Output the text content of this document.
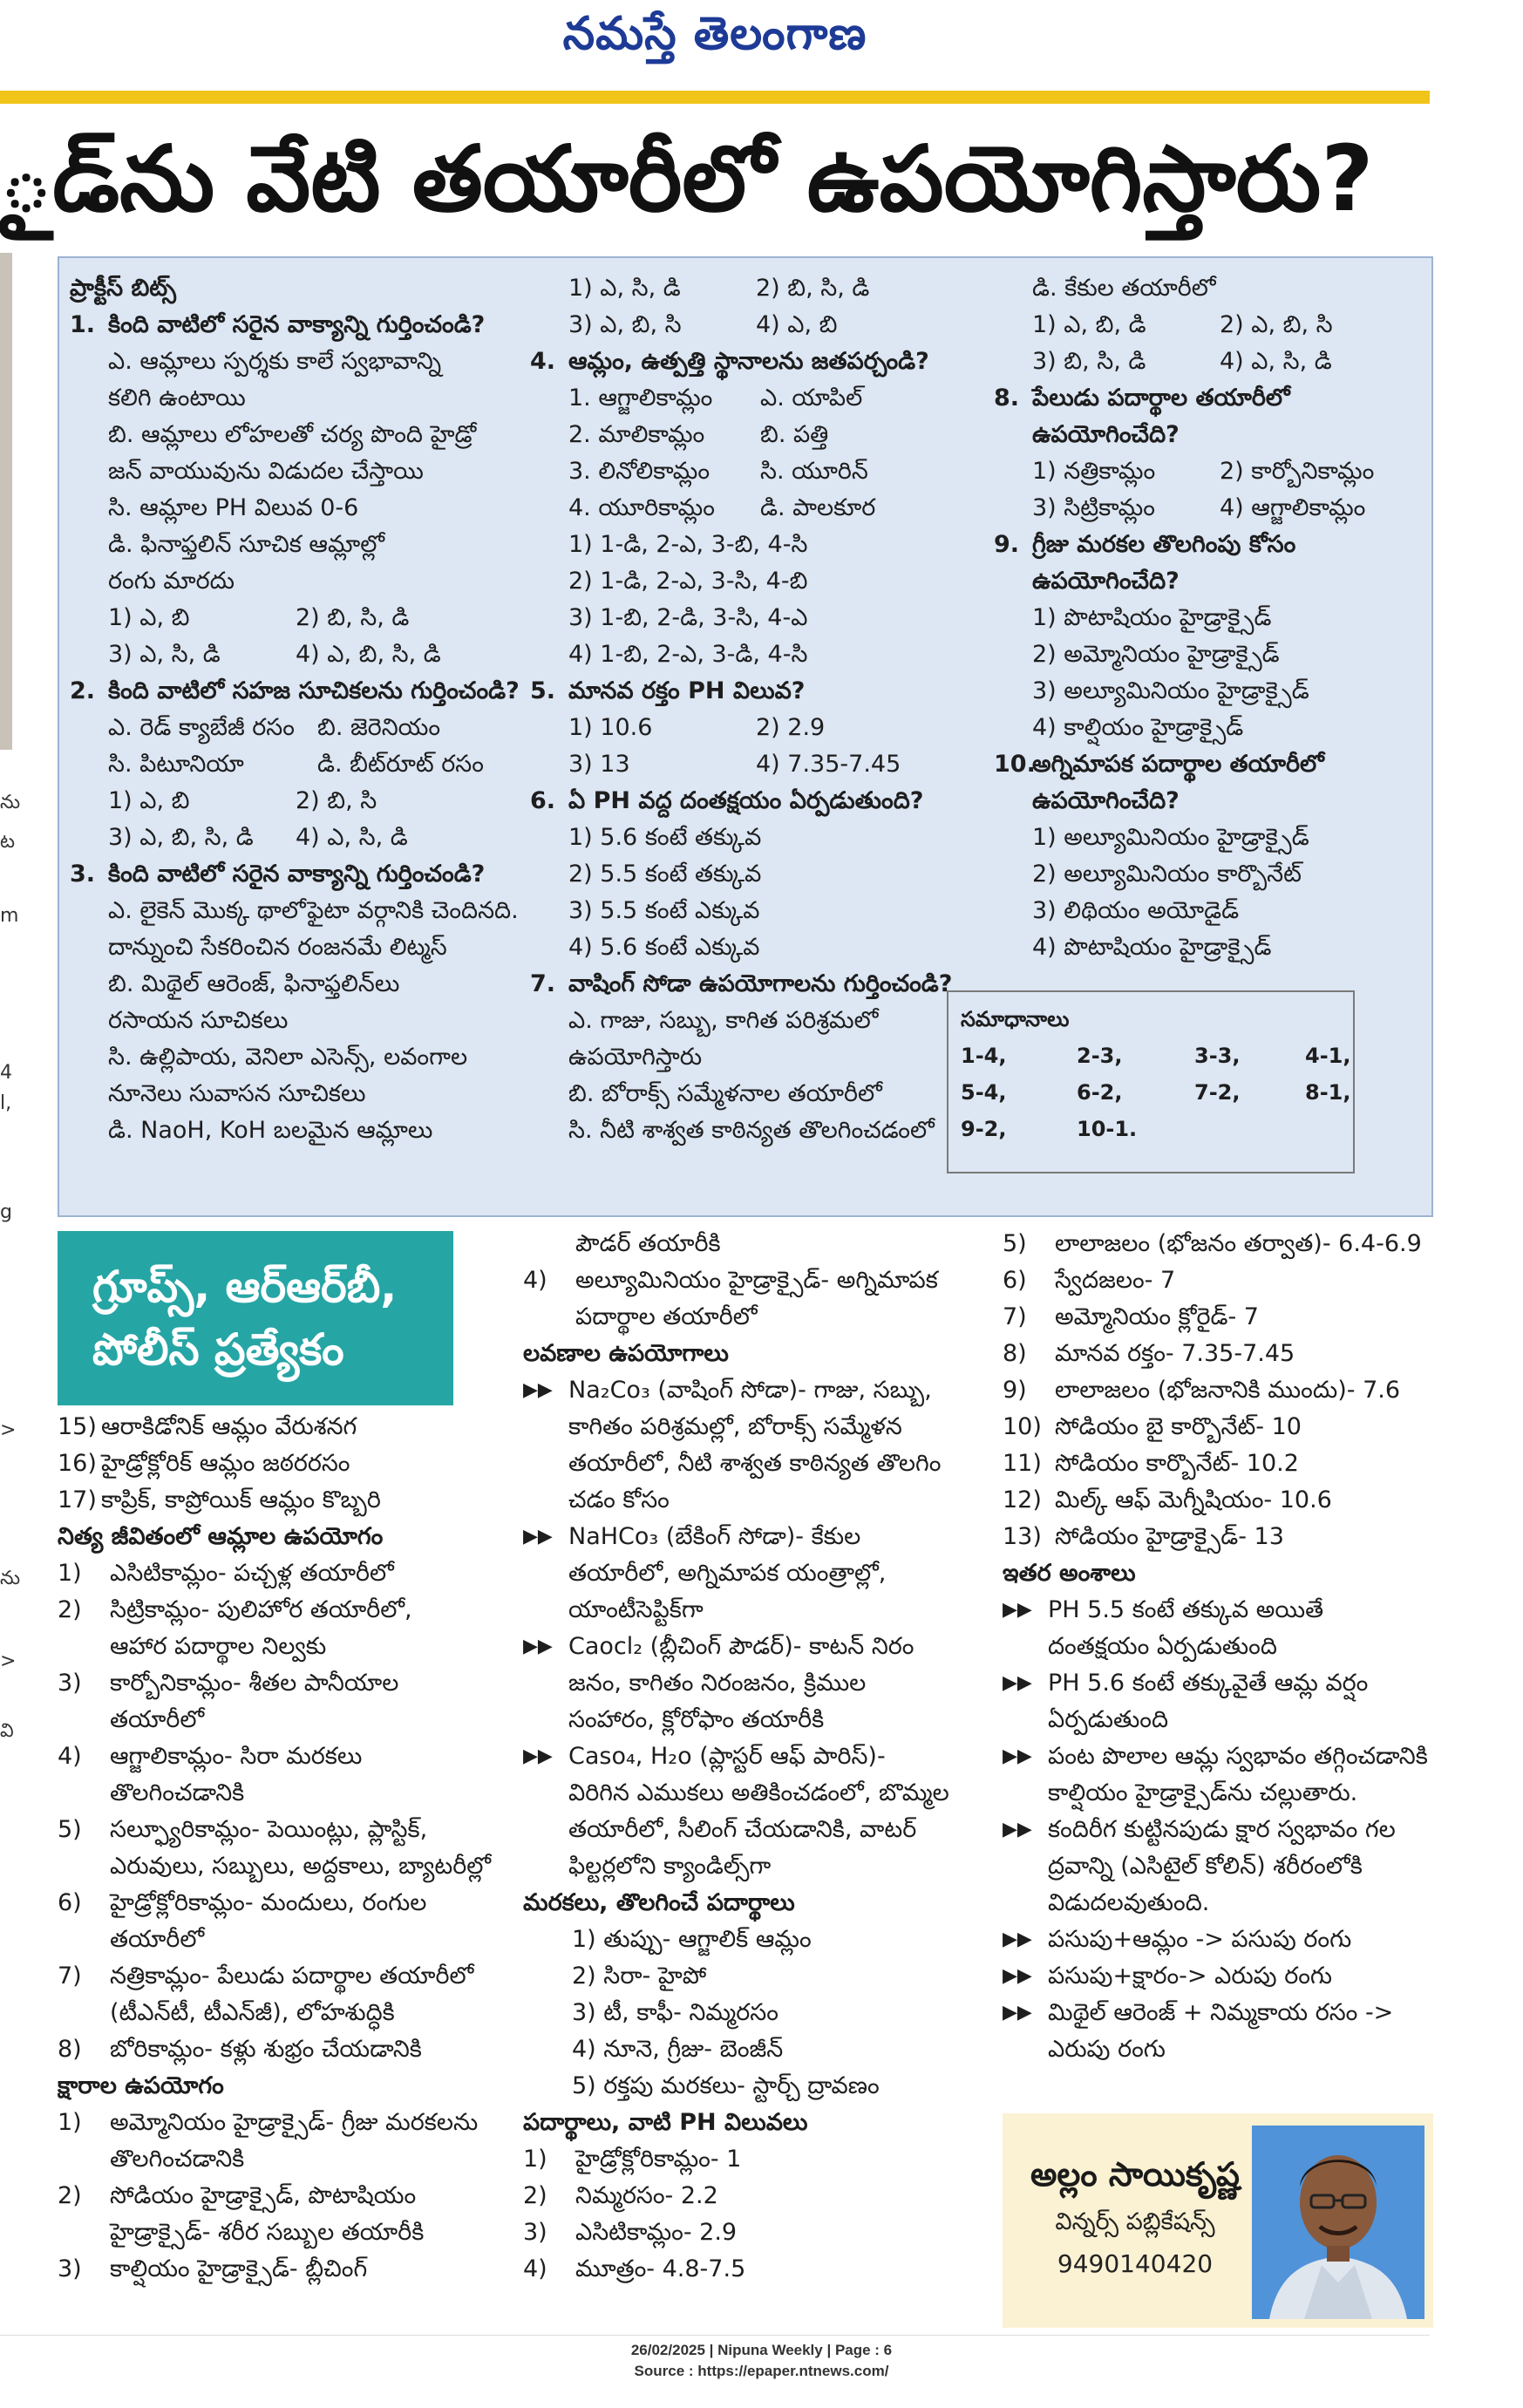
నమస్తే తెలంగాణ
ౖడ్‌ను వేటి తయారీలో ఉపయోగిస్తారు?
ను
ట
m
4
l,
g
>
ను
>
వి
ప్రాక్టీస్ బిట్స్
1. కింది వాటిలో సరైన వాక్యాన్ని గుర్తించండి?
ఎ. ఆమ్లాలు స్పర్శకు కాలే స్వభావాన్ని
కలిగి ఉంటాయి
బి. ఆమ్లాలు లోహలతో చర్య పొంది హైడ్రో
జన్ వాయువును విడుదల చేస్తాయి
సి. ఆమ్లాల PH విలువ 0-6
డి. ఫినాఫ్తలిన్ సూచిక ఆమ్లాల్లో
రంగు మారదు
1) ఎ, బి	2) బి, సి, డి
3) ఎ, సి, డి	4) ఎ, బి, సి, డి
2. కింది వాటిలో సహజ సూచికలను గుర్తించండి?
ఎ. రెడ్ క్యాబేజీ రసం బి. జెరెనియం
సి. పిటూనియా	డి. బీట్‌రూట్ రసం
1) ఎ, బి	2) బి, సి
3) ఎ, బి, సి, డి	4) ఎ, సి, డి
3. కింది వాటిలో సరైన వాక్యాన్ని గుర్తించండి?
ఎ. లైకెన్ మొక్క థాలోఫైటా వర్గానికి చెందినది.
దాన్నుంచి సేకరించిన రంజనమే లిట్మస్
బి. మిథైల్ ఆరెంజ్, ఫినాఫ్తలిన్‌లు
రసాయన సూచికలు
సి. ఉల్లిపాయ, వెనిలా ఎసెన్స్, లవంగాల
నూనెలు సువాసన సూచికలు
డి. NaoH, KoH బలమైన ఆమ్లాలు
1) ఎ, సి, డి	2) బి, సి, డి
3) ఎ, బి, సి	4) ఎ, బి
4. ఆమ్లం, ఉత్పత్తి స్థానాలను జతపర్చండి?
1. ఆగ్జాలికామ్లం	ఎ. యాపిల్
2. మాలికామ్లం	బి. పత్తి
3. లినోలికామ్లం	సి. యూరిన్
4. యూరికామ్లం	డి. పాలకూర
1) 1-డి, 2-ఎ, 3-బి, 4-సి
2) 1-డి, 2-ఎ, 3-సి, 4-బి
3) 1-బి, 2-డి, 3-సి, 4-ఎ
4) 1-బి, 2-ఎ, 3-డి, 4-సి
5. మానవ రక్తం PH విలువ?
1) 10.6	2) 2.9
3) 13	4) 7.35-7.45
6. ఏ PH వద్ద దంతక్షయం ఏర్పడుతుంది?
1) 5.6 కంటే తక్కువ
2) 5.5 కంటే తక్కువ
3) 5.5 కంటే ఎక్కువ
4) 5.6 కంటే ఎక్కువ
7. వాషింగ్ సోడా ఉపయోగాలను గుర్తించండి?
ఎ. గాజు, సబ్బు, కాగిత పరిశ్రమలో
ఉపయోగిస్తారు
బి. బోరాక్స్ సమ్మేళనాల తయారీలో
సి. నీటి శాశ్వత కాఠిన్యత తొలగించడంలో
డి. కేకుల తయారీలో
1) ఎ, బి, డి	2) ఎ, బి, సి
3) బి, సి, డి	4) ఎ, సి, డి
8. పేలుడు పదార్థాల తయారీలో ఉపయోగించేది?
1) నత్రికామ్లం	2) కార్బోనికామ్లం
3) సిట్రికామ్లం	4) ఆగ్జాలికామ్లం
9. గ్రీజు మరకల తొలగింపు కోసం ఉపయోగించేది?
1) పొటాషియం హైడ్రాక్సైడ్
2) అమ్మోనియం హైడ్రాక్సైడ్
3) అల్యూమినియం హైడ్రాక్సైడ్
4) కాల్షియం హైడ్రాక్సైడ్
10.
అగ్నిమాపక పదార్థాల తయారీలో ఉపయోగించేది?
1) అల్యూమినియం హైడ్రాక్సైడ్
2) అల్యూమినియం కార్బొనేట్
3) లిథియం అయోడైడ్
4) పొటాషియం హైడ్రాక్సైడ్
సమాధానాలు
1-4,	2-3,	3-3,	4-1,
5-4,	6-2,	7-2,	8-1,
9-2,	10-1.
గ్రూప్స్, ఆర్ఆర్‌బీ,
పోలీస్ ప్రత్యేకం
15) ఆరాకిడోనిక్ ఆమ్లం వేరుశనగ
16) హైడ్రోక్లోరిక్ ఆమ్లం జఠరరసం
17) కాప్రిక్, కాప్రోయిక్ ఆమ్లం కొబ్బరి
నిత్య జీవితంలో ఆమ్లాల ఉపయోగం
1)	ఎసిటికామ్లం- పచ్చళ్ల తయారీలో
2)	సిట్రికామ్లం- పులిహోర తయారీలో,
ఆహార పదార్థాల నిల్వకు
3)	కార్బోనికామ్లం- శీతల పానీయాల
తయారీలో
4)	ఆగ్జాలికామ్లం- సిరా మరకలు
తొలగించడానికి
5)	సల్ఫ్యూరికామ్లం- పెయింట్లు, ప్లాస్టిక్,
ఎరువులు, సబ్బులు, అద్దకాలు, బ్యాటరీల్లో
6)	హైడ్రోక్లోరికామ్లం- మందులు, రంగుల
తయారీలో
7)	నత్రికామ్లం- పేలుడు పదార్థాల తయారీలో
(టీఎన్‌టీ, టీఎన్‌జీ), లోహశుద్ధికి
8)	బోరికామ్లం- కళ్లు శుభ్రం చేయడానికి
క్షారాల ఉపయోగం
1)	అమ్మోనియం హైడ్రాక్సైడ్- గ్రీజు మరకలను
తొలగించడానికి
2)	సోడియం హైడ్రాక్సైడ్, పొటాషియం
హైడ్రాక్సైడ్- శరీర సబ్బుల తయారీకి
3)	కాల్షియం హైడ్రాక్సైడ్- బ్లీచింగ్
పౌడర్ తయారీకి
4)	అల్యూమినియం హైడ్రాక్సైడ్- అగ్నిమాపక
పదార్థాల తయారీలో
లవణాల ఉపయోగాలు
▶▶ Na₂Co₃ (వాషింగ్ సోడా)- గాజు, సబ్బు,
కాగితం పరిశ్రమల్లో, బోరాక్స్ సమ్మేళన
తయారీలో, నీటి శాశ్వత కాఠిన్యత తొలగిం
చడం కోసం
▶▶ NaHCo₃ (బేకింగ్ సోడా)- కేకుల
తయారీలో, అగ్నిమాపక యంత్రాల్లో,
యాంటీసెప్టిక్‌గా
▶▶ Caocl₂ (బ్లీచింగ్ పౌడర్)- కాటన్ నిరం
జనం, కాగితం నిరంజనం, క్రిముల
సంహారం, క్లోరోఫాం తయారీకి
▶▶ Caso₄, H₂o (ప్లాస్టర్ ఆఫ్ పారిస్)-
విరిగిన ఎముకలు అతికించడంలో, బొమ్మల
తయారీలో, సీలింగ్ చేయడానికి, వాటర్
ఫిల్టర్లలోని క్యాండిల్స్‌గా
మరకలు, తొలగించే పదార్థాలు
1) తుప్పు- ఆగ్జాలిక్ ఆమ్లం
2) సిరా- హైపో
3) టీ, కాఫీ- నిమ్మరసం
4) నూనె, గ్రీజు- బెంజీన్
5) రక్తపు మరకలు- స్టార్చ్ ద్రావణం
పదార్థాలు, వాటి PH విలువలు
1)	హైడ్రోక్లోరికామ్లం- 1
2)	నిమ్మరసం- 2.2
3)	ఎసిటికామ్లం- 2.9
4)	మూత్రం- 4.8-7.5
5)	లాలాజలం (భోజనం తర్వాత)- 6.4-6.9
6)	స్వేదజలం- 7
7)	అమ్మోనియం క్లోరైడ్- 7
8)	మానవ రక్తం- 7.35-7.45
9)	లాలాజలం (భోజనానికి ముందు)- 7.6
10) సోడియం బై కార్బొనేట్- 10
11) సోడియం కార్బొనేట్- 10.2
12) మిల్క్ ఆఫ్ మెగ్నీషియం- 10.6
13) సోడియం హైడ్రాక్సైడ్- 13
ఇతర అంశాలు
▶▶ PH 5.5 కంటే తక్కువ అయితే
దంతక్షయం ఏర్పడుతుంది
▶▶ PH 5.6 కంటే తక్కువైతే ఆమ్ల వర్షం
ఏర్పడుతుంది
▶▶ పంట పొలాల ఆమ్ల స్వభావం తగ్గించడానికి
కాల్షియం హైడ్రాక్సైడ్‌ను చల్లుతారు.
▶▶ కందిరీగ కుట్టినపుడు క్షార స్వభావం గల
ద్రవాన్ని (ఎసిటైల్ కోలిన్) శరీరంలోకి
విడుదలవుతుంది.
▶▶ పసుపు+ఆమ్లం -> పసుపు రంగు
▶▶ పసుపు+క్షారం-> ఎరుపు రంగు
▶▶ మిథైల్ ఆరెంజ్ + నిమ్మకాయ రసం ->
ఎరుపు రంగు
అల్లం సాయికృష్ణ
విన్నర్స్ పబ్లికేషన్స్
9490140420
26/02/2025 | Nipuna Weekly | Page : 6
Source : https://epaper.ntnews.com/
